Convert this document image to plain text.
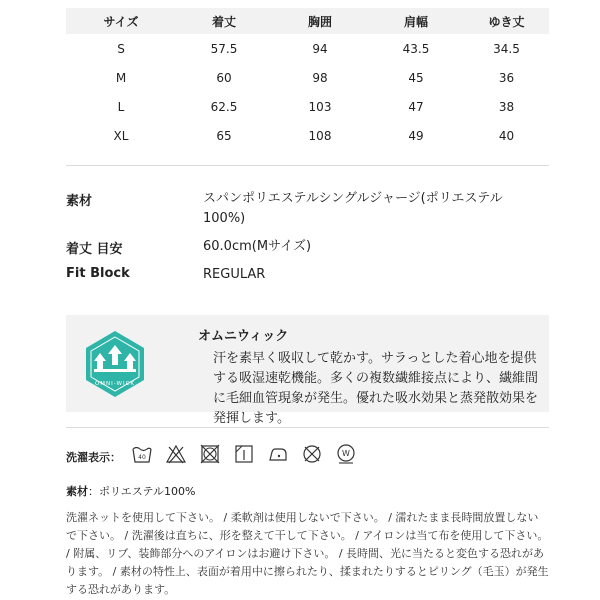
サイズ	着丈	胸囲	肩幅	ゆき丈
S	57.5	94	43.5	34.5
M	60	98	45	36
L	62.5	103	47	38
XL	65	108	49	40
素材	スパンポリエステルシングルジャージ(ポリエステル100%)
着丈 目安	60.0cm(Mサイズ)
Fit Block	REGULAR
OMNI-WICK
オムニウィック
汗を素早く吸収して乾かす。サラっとした着心地を提供する吸湿速乾機能。多くの複数繊維接点により、繊維間に毛細血管現象が発生。優れた吸水効果と蒸発散効果を発揮します。
洗濯表示：	40	W
素材：ポリエステル100%
洗濯ネットを使用して下さい。 / 柔軟剤は使用しないで下さい。 / 濡れたまま長時間放置しないで下さい。 / 洗濯後は直ちに、形を整えて干して下さい。 / アイロンは当て布を使用して下さい。 / 附属、リブ、装飾部分へのアイロンはお避け下さい。 / 長時間、光に当たると変色する恐れがあります。 / 素材の特性上、表面が着用中に擦られたり、揉まれたりするとピリング（毛玉）が発生する恐れがあります。
